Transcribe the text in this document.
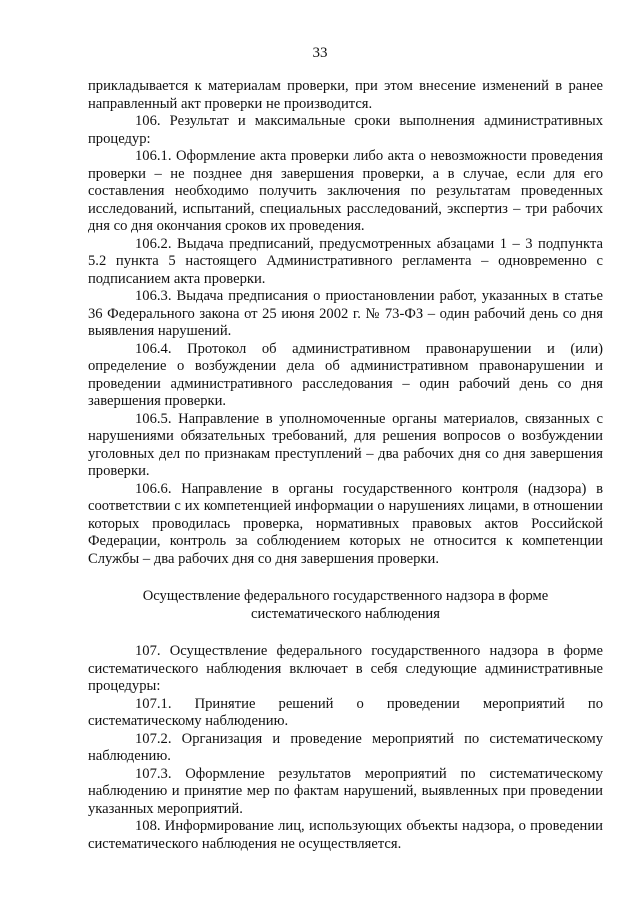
33

прикладывается к материалам проверки, при этом внесение изменений в ранее направленный акт проверки не производится.

106. Результат и максимальные сроки выполнения административных процедур:

106.1. Оформление акта проверки либо акта о невозможности проведения проверки – не позднее дня завершения проверки, а в случае, если для его составления необходимо получить заключения по результатам проведенных исследований, испытаний, специальных расследований, экспертиз – три рабочих дня со дня окончания сроков их проведения.

106.2. Выдача предписаний, предусмотренных абзацами 1 – 3 подпункта 5.2 пункта 5 настоящего Административного регламента – одновременно с подписанием акта проверки.

106.3. Выдача предписания о приостановлении работ, указанных в статье 36 Федерального закона от 25 июня 2002 г. № 73-ФЗ – один рабочий день со дня выявления нарушений.

106.4. Протокол об административном правонарушении и (или) определение о возбуждении дела об административном правонарушении и проведении административного расследования – один рабочий день со дня завершения проверки.

106.5. Направление в уполномоченные органы материалов, связанных с нарушениями обязательных требований, для решения вопросов о возбуждении уголовных дел по признакам преступлений – два рабочих дня со дня завершения проверки.

106.6. Направление в органы государственного контроля (надзора) в соответствии с их компетенцией информации о нарушениях лицами, в отношении которых проводилась проверка, нормативных правовых актов Российской Федерации, контроль за соблюдением которых не относится к компетенции Службы – два рабочих дня со дня завершения проверки.

Осуществление федерального государственного надзора в форме
систематического наблюдения

107. Осуществление федерального государственного надзора в форме систематического наблюдения включает в себя следующие административные процедуры:

107.1. Принятие решений о проведении мероприятий по систематическому наблюдению.

107.2. Организация и проведение мероприятий по систематическому наблюдению.

107.3. Оформление результатов мероприятий по систематическому наблюдению и принятие мер по фактам нарушений, выявленных при проведении указанных мероприятий.

108. Информирование лиц, использующих объекты надзора, о проведении систематического наблюдения не осуществляется.
